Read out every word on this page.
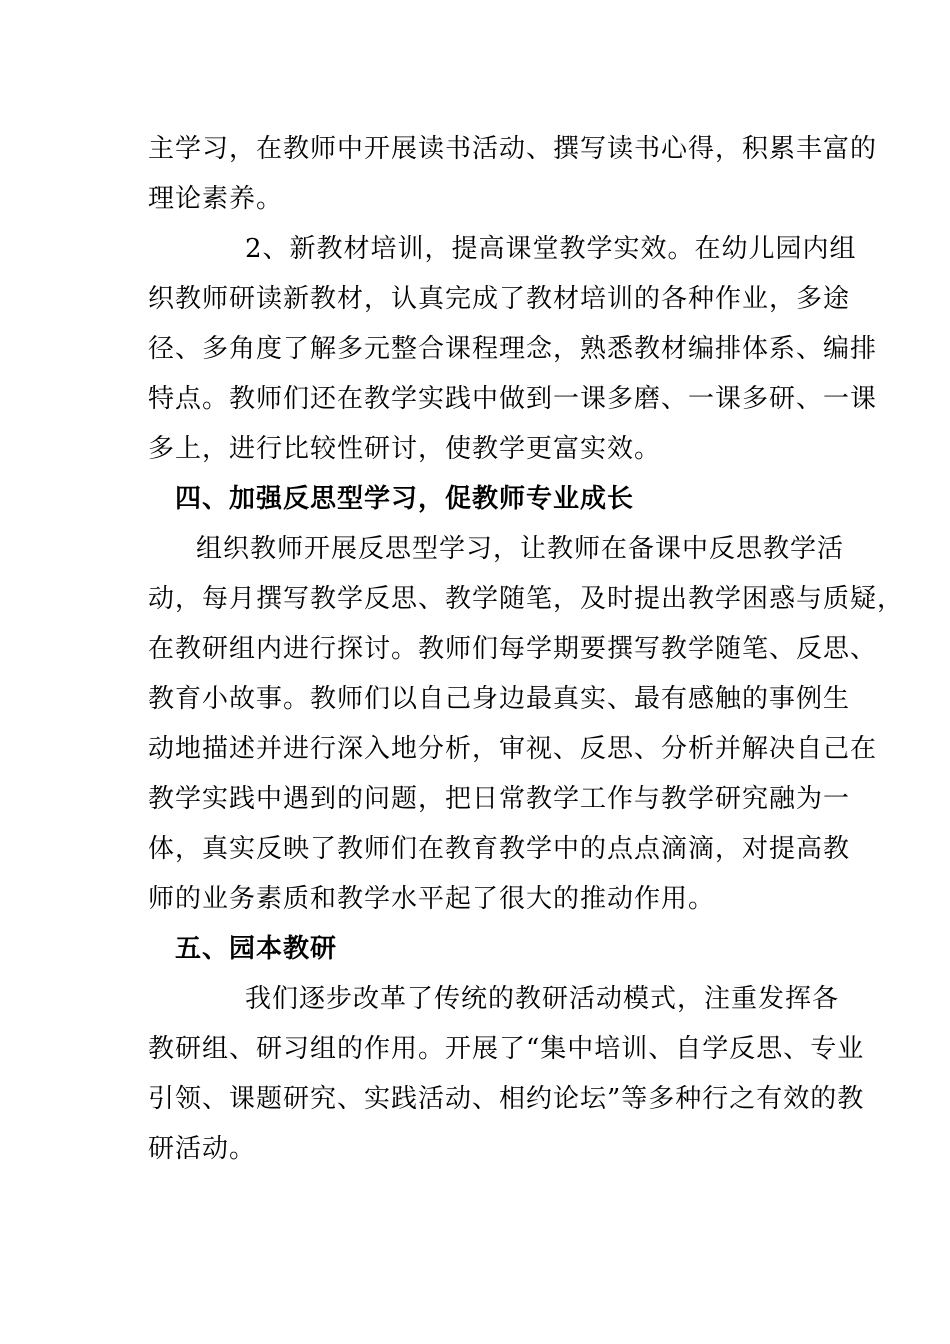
主学习，在教师中开展读书活动、撰写读书心得，积累丰富的
理论素养。
2、新教材培训，提高课堂教学实效。在幼儿园内组
织教师研读新教材，认真完成了教材培训的各种作业，多途
径、多角度了解多元整合课程理念，熟悉教材编排体系、编排
特点。教师们还在教学实践中做到一课多磨、一课多研、一课
多上，进行比较性研讨，使教学更富实效。
四、加强反思型学习，促教师专业成长
组织教师开展反思型学习，让教师在备课中反思教学活
动，每月撰写教学反思、教学随笔，及时提出教学困惑与质疑，
在教研组内进行探讨。教师们每学期要撰写教学随笔、反思、
教育小故事。教师们以自己身边最真实、最有感触的事例生
动地描述并进行深入地分析，审视、反思、分析并解决自己在
教学实践中遇到的问题，把日常教学工作与教学研究融为一
体，真实反映了教师们在教育教学中的点点滴滴，对提高教
师的业务素质和教学水平起了很大的推动作用。
五、园本教研
我们逐步改革了传统的教研活动模式，注重发挥各
教研组、研习组的作用。开展了“集中培训、自学反思、专业
引领、课题研究、实践活动、相约论坛”等多种行之有效的教
研活动。
